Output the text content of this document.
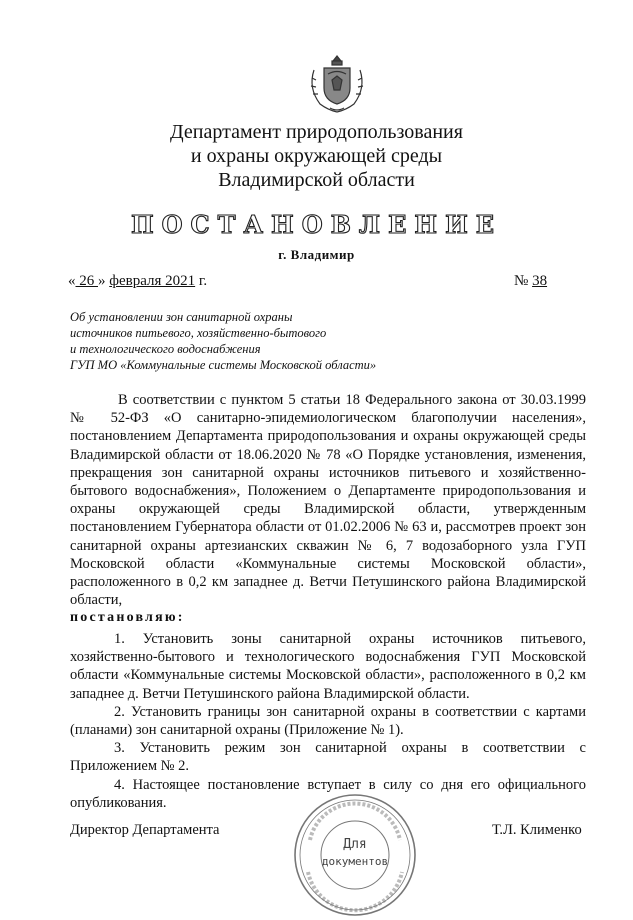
Департамент природопользования
и охраны окружающей среды
Владимирской области
ПОСТАНОВЛЕНИЕ
г. Владимир
« 26 » февраля 2021 г.	№ 38
Об установлении зон санитарной охраны
источников питьевого, хозяйственно-бытового
и технологического водоснабжения
ГУП МО «Коммунальные системы Московской области»
В соответствии с пунктом 5 статьи 18 Федерального закона от 30.03.1999 № 52-ФЗ «О санитарно-эпидемиологическом благополучии населения», постановлением Департамента природопользования и охраны окружающей среды Владимирской области от 18.06.2020 № 78 «О Порядке установления, изменения, прекращения зон санитарной охраны источников питьевого и хозяйственно-бытового водоснабжения», Положением о Департаменте природопользования и охраны окружающей среды Владимирской области, утвержденным постановлением Губернатора области от 01.02.2006 № 63 и, рассмотрев проект зон санитарной охраны артезианских скважин № 6, 7 водозаборного узла ГУП Московской области «Коммунальные системы Московской области», расположенного в 0,2 км западнее д. Ветчи Петушинского района Владимирской области,
постановляю:

1. Установить зоны санитарной охраны источников питьевого, хозяйственно-бытового и технологического водоснабжения ГУП Московской области «Коммунальные системы Московской области», расположенного в 0,2 км западнее д. Ветчи Петушинского района Владимирской области.

2. Установить границы зон санитарной охраны в соответствии с картами (планами) зон санитарной охраны (Приложение № 1).

3. Установить режим зон санитарной охраны в соответствии с Приложением № 2.

4. Настоящее постановление вступает в силу со дня его официального опубликования.

Директор Департамента	Т.Л. Клименко
Для
документов
